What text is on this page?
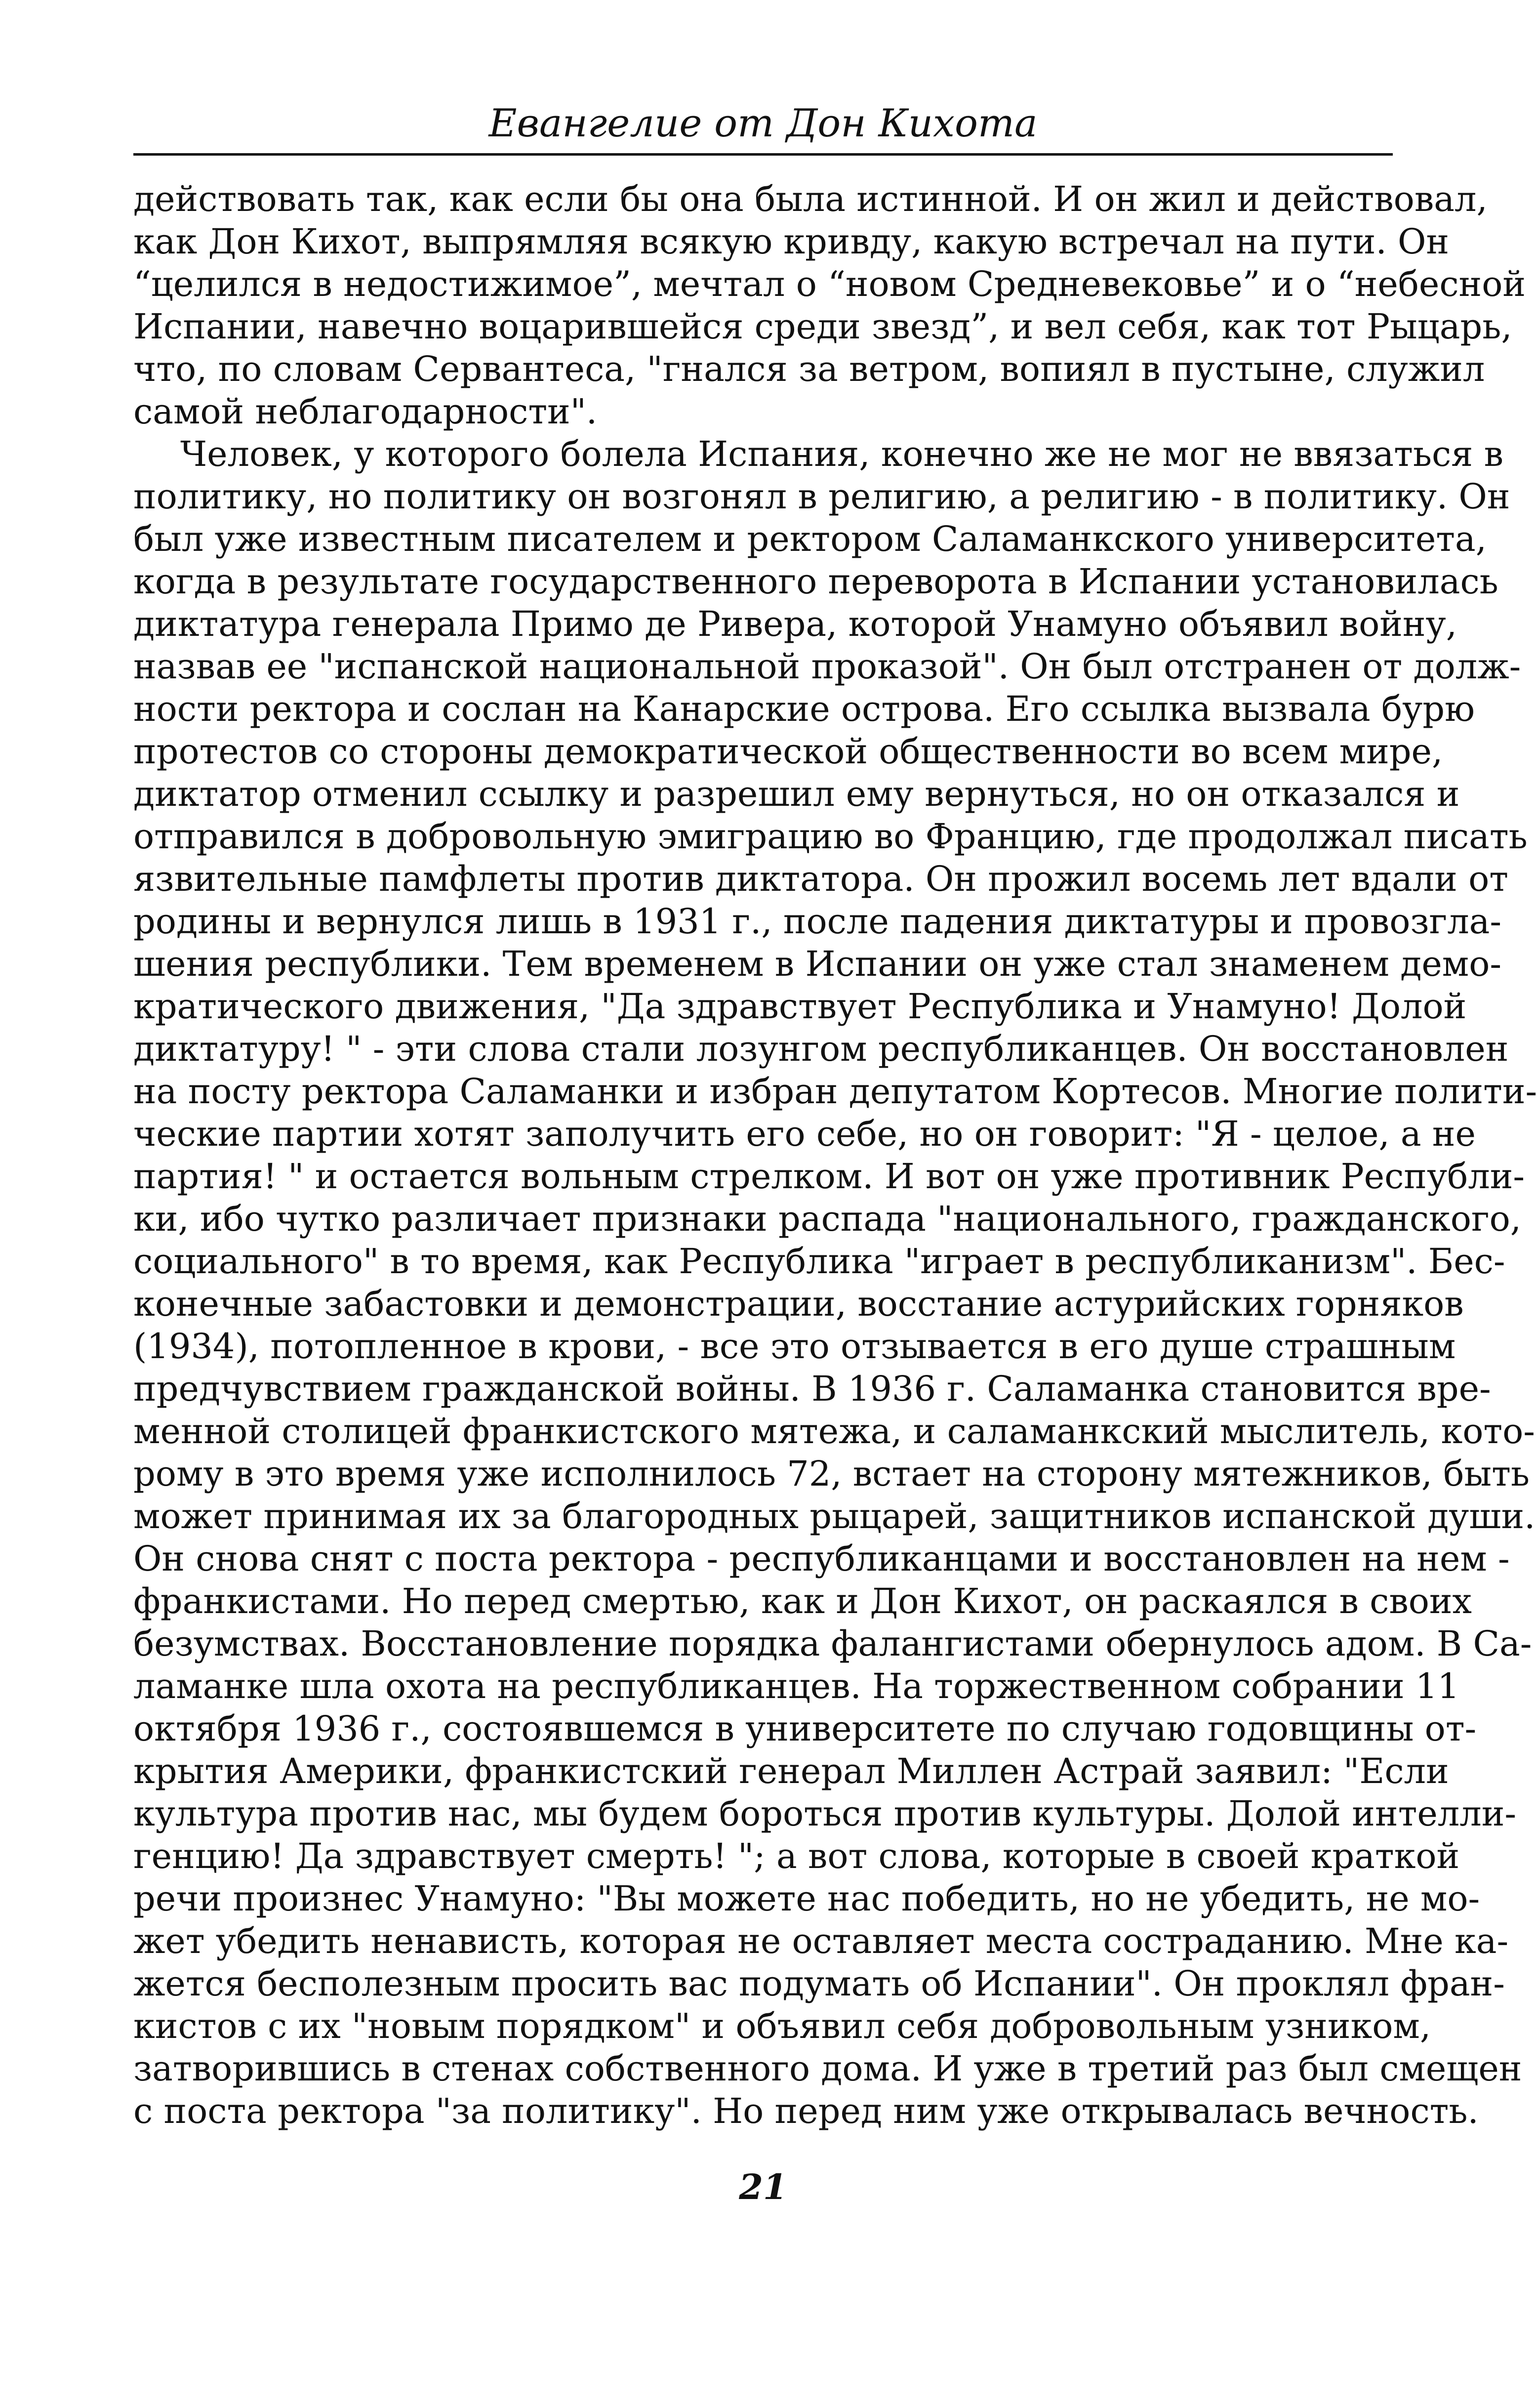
Евангелие от Дон Кихота
действовать так, как если бы она была истинной. И он жил и действовал,
как Дон Кихот, выпрямляя всякую кривду, какую встречал на пути. Он
“целился в недостижимое”, мечтал о “новом Средневековье” и о “небесной
Испании, навечно воцарившейся среди звезд”, и вел себя, как тот Рыцарь,
что, по словам Сервантеса, "гнался за ветром, вопиял в пустыне, служил
самой неблагодарности".
Человек, у которого болела Испания, конечно же не мог не ввязаться в
политику, но политику он возгонял в религию, а религию - в политику. Он
был уже известным писателем и ректором Саламанкского университета,
когда в результате государственного переворота в Испании установилась
диктатура генерала Примо де Ривера, которой Унамуно объявил войну,
назвав ее "испанской национальной проказой". Он был отстранен от долж-
ности ректора и сослан на Канарские острова. Его ссылка вызвала бурю
протестов со стороны демократической общественности во всем мире,
диктатор отменил ссылку и разрешил ему вернуться, но он отказался и
отправился в добровольную эмиграцию во Францию, где продолжал писать
язвительные памфлеты против диктатора. Он прожил восемь лет вдали от
родины и вернулся лишь в 1931 г., после падения диктатуры и провозгла-
шения республики. Тем временем в Испании он уже стал знаменем демо-
кратического движения, "Да здравствует Республика и Унамуно! Долой
диктатуру! " - эти слова стали лозунгом республиканцев. Он восстановлен
на посту ректора Саламанки и избран депутатом Кортесов. Многие полити-
ческие партии хотят заполучить его себе, но он говорит: "Я - целое, а не
партия! " и остается вольным стрелком. И вот он уже противник Республи-
ки, ибо чутко различает признаки распада "национального, гражданского,
социального" в то время, как Республика "играет в республиканизм". Бес-
конечные забастовки и демонстрации, восстание астурийских горняков
(1934), потопленное в крови, - все это отзывается в его душе страшным
предчувствием гражданской войны. В 1936 г. Саламанка становится вре-
менной столицей франкистского мятежа, и саламанкский мыслитель, кото-
рому в это время уже исполнилось 72, встает на сторону мятежников, быть
может принимая их за благородных рыцарей, защитников испанской души.
Он снова снят с поста ректора - республиканцами и восстановлен на нем -
франкистами. Но перед смертью, как и Дон Кихот, он раскаялся в своих
безумствах. Восстановление порядка фалангистами обернулось адом. В Са-
ламанке шла охота на республиканцев. На торжественном собрании 11
октября 1936 г., состоявшемся в университете по случаю годовщины от-
крытия Америки, франкистский генерал Миллен Астрай заявил: "Если
культура против нас, мы будем бороться против культуры. Долой интелли-
генцию! Да здравствует смерть! "; а вот слова, которые в своей краткой
речи произнес Унамуно: "Вы можете нас победить, но не убедить, не мо-
жет убедить ненависть, которая не оставляет места состраданию. Мне ка-
жется бесполезным просить вас подумать об Испании". Он проклял фран-
кистов с их "новым порядком" и объявил себя добровольным узником,
затворившись в стенах собственного дома. И уже в третий раз был смещен
с поста ректора "за политику". Но перед ним уже открывалась вечность.
21
